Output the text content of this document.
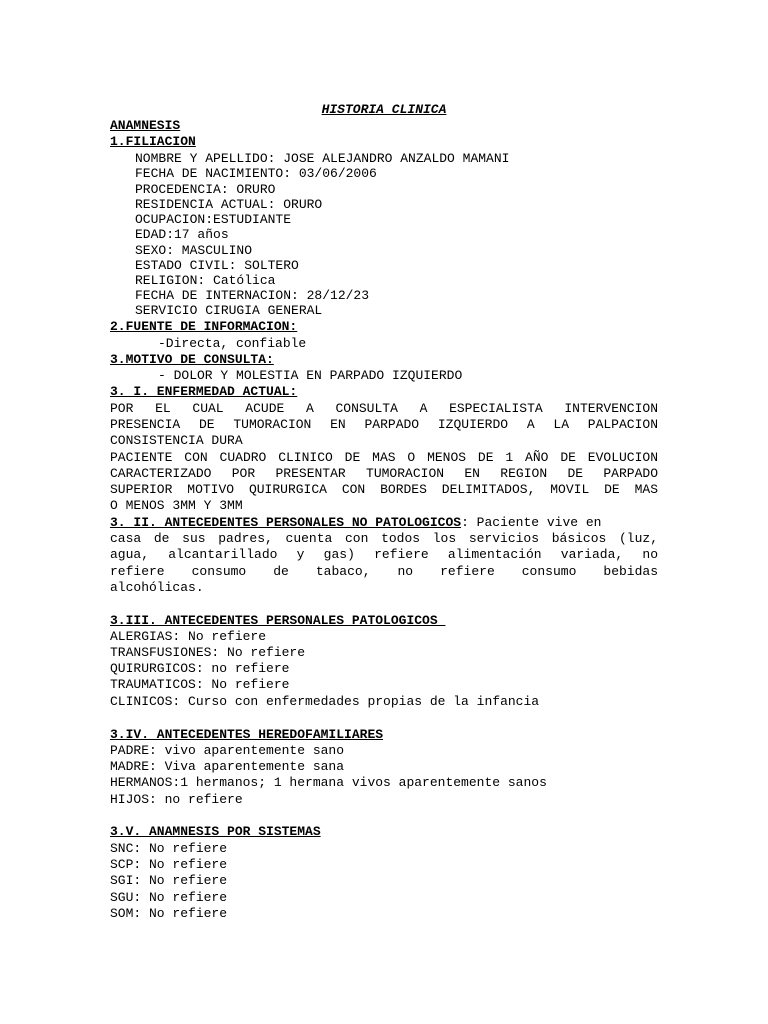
HISTORIA CLINICA
ANAMNESIS
1.FILIACION
NOMBRE Y APELLIDO: JOSE ALEJANDRO ANZALDO MAMANI
FECHA DE NACIMIENTO: 03/06/2006
PROCEDENCIA: ORURO
RESIDENCIA ACTUAL: ORURO
OCUPACION:ESTUDIANTE
EDAD:17 años
SEXO: MASCULINO
ESTADO CIVIL: SOLTERO
RELIGION: Católica
FECHA DE INTERNACION: 28/12/23
SERVICIO CIRUGIA GENERAL
2.FUENTE DE INFORMACION:
-Directa, confiable
3.MOTIVO DE CONSULTA:
- DOLOR Y MOLESTIA EN PARPADO IZQUIERDO
3. I. ENFERMEDAD ACTUAL:
POR EL CUAL ACUDE A CONSULTA A ESPECIALISTA INTERVENCION
PRESENCIA DE TUMORACION EN PARPADO IZQUIERDO A LA PALPACION
CONSISTENCIA DURA
PACIENTE CON CUADRO CLINICO DE MAS O MENOS DE 1 AÑO DE EVOLUCION
CARACTERIZADO POR PRESENTAR TUMORACION EN REGION DE PARPADO
SUPERIOR MOTIVO QUIRURGICA CON BORDES DELIMITADOS, MOVIL DE MAS
O MENOS 3MM Y 3MM
3. II. ANTECEDENTES PERSONALES NO PATOLOGICOS: Paciente vive en
casa de sus padres, cuenta con todos los servicios básicos (luz,
agua, alcantarillado y gas) refiere alimentación variada, no
refiere consumo de tabaco, no refiere consumo bebidas
alcohólicas.
3.III. ANTECEDENTES PERSONALES PATOLOGICOS
ALERGIAS: No refiere
TRANSFUSIONES: No refiere
QUIRURGICOS: no refiere
TRAUMATICOS: No refiere
CLINICOS: Curso con enfermedades propias de la infancia
3.IV. ANTECEDENTES HEREDOFAMILIARES
PADRE: vivo aparentemente sano
MADRE: Viva aparentemente sana
HERMANOS:1 hermanos; 1 hermana vivos aparentemente sanos
HIJOS: no refiere
3.V. ANAMNESIS POR SISTEMAS
SNC: No refiere
SCP: No refiere
SGI: No refiere
SGU: No refiere
SOM: No refiere
